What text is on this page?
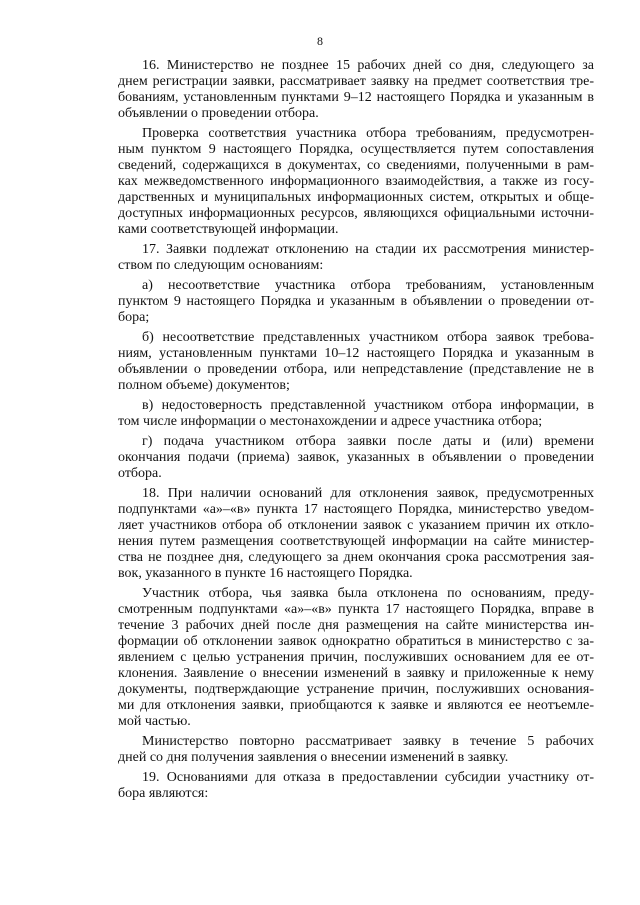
8

16. Министерство не позднее 15 рабочих дней со дня, следующего за
днем регистрации заявки, рассматривает заявку на предмет соответствия тре-
бованиям, установленным пунктами 9–12 настоящего Порядка и указанным в
объявлении о проведении отбора.

Проверка соответствия участника отбора требованиям, предусмотрен-
ным пунктом 9 настоящего Порядка, осуществляется путем сопоставления
сведений, содержащихся в документах, со сведениями, полученными в рам-
ках межведомственного информационного взаимодействия, а также из госу-
дарственных и муниципальных информационных систем, открытых и обще-
доступных информационных ресурсов, являющихся официальными источни-
ками соответствующей информации.

17. Заявки подлежат отклонению на стадии их рассмотрения министер-
ством по следующим основаниям:

а) несоответствие участника отбора требованиям, установленным
пунктом 9 настоящего Порядка и указанным в объявлении о проведении от-
бора;

б) несоответствие представленных участником отбора заявок требова-
ниям, установленным пунктами 10–12 настоящего Порядка и указанным в
объявлении о проведении отбора, или непредставление (представление не в
полном объеме) документов;

в) недостоверность представленной участником отбора информации, в
том числе информации о местонахождении и адресе участника отбора;

г) подача участником отбора заявки после даты и (или) времени
окончания подачи (приема) заявок, указанных в объявлении о проведении
отбора.

18. При наличии оснований для отклонения заявок, предусмотренных
подпунктами «а»–«в» пункта 17 настоящего Порядка, министерство уведом-
ляет участников отбора об отклонении заявок с указанием причин их откло-
нения путем размещения соответствующей информации на сайте министер-
ства не позднее дня, следующего за днем окончания срока рассмотрения зая-
вок, указанного в пункте 16 настоящего Порядка.

Участник отбора, чья заявка была отклонена по основаниям, преду-
смотренным подпунктами «а»–«в» пункта 17 настоящего Порядка, вправе в
течение 3 рабочих дней после дня размещения на сайте министерства ин-
формации об отклонении заявок однократно обратиться в министерство с за-
явлением с целью устранения причин, послуживших основанием для ее от-
клонения. Заявление о внесении изменений в заявку и приложенные к нему
документы, подтверждающие устранение причин, послуживших основания-
ми для отклонения заявки, приобщаются к заявке и являются ее неотъемле-
мой частью.

Министерство повторно рассматривает заявку в течение 5 рабочих
дней со дня получения заявления о внесении изменений в заявку.

19. Основаниями для отказа в предоставлении субсидии участнику от-
бора являются:
